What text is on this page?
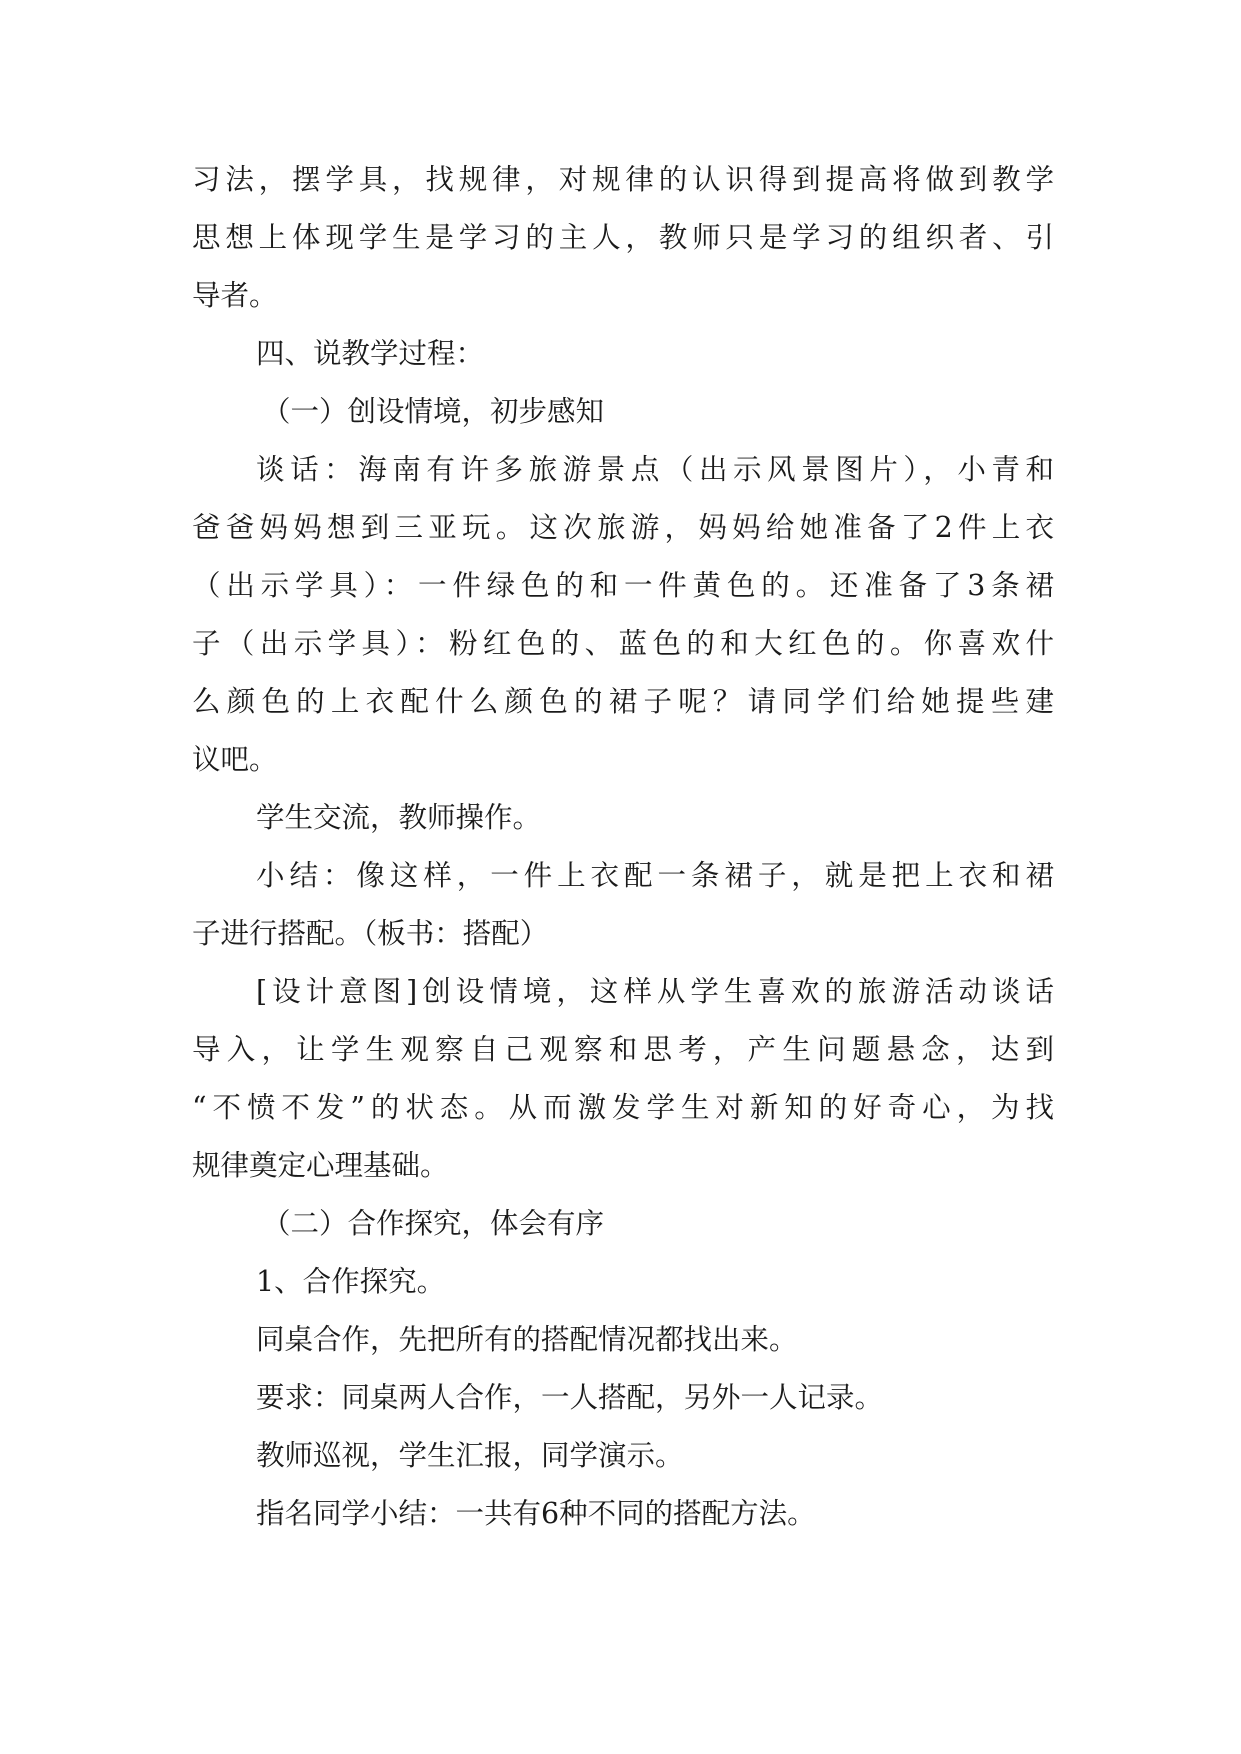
习法，摆学具，找规律，对规律的认识得到提高将做到教学
思想上体现学生是学习的主人，教师只是学习的组织者、引
导者。
四、说教学过程：
（一）创设情境，初步感知
谈话：海南有许多旅游景点（出示风景图片），小青和
爸爸妈妈想到三亚玩。这次旅游，妈妈给她准备了2件上衣
（出示学具）：一件绿色的和一件黄色的。还准备了3条裙
子（出示学具）：粉红色的、蓝色的和大红色的。你喜欢什
么颜色的上衣配什么颜色的裙子呢？请同学们给她提些建
议吧。
学生交流，教师操作。
小结：像这样，一件上衣配一条裙子，就是把上衣和裙
子进行搭配。（板书：搭配）
[设计意图]创设情境，这样从学生喜欢的旅游活动谈话
导入，让学生观察自己观察和思考，产生问题悬念，达到
“不愤不发”的状态。从而激发学生对新知的好奇心，为找
规律奠定心理基础。
（二）合作探究，体会有序
1、合作探究。
同桌合作，先把所有的搭配情况都找出来。
要求：同桌两人合作，一人搭配，另外一人记录。
教师巡视，学生汇报，同学演示。
指名同学小结：一共有6种不同的搭配方法。
